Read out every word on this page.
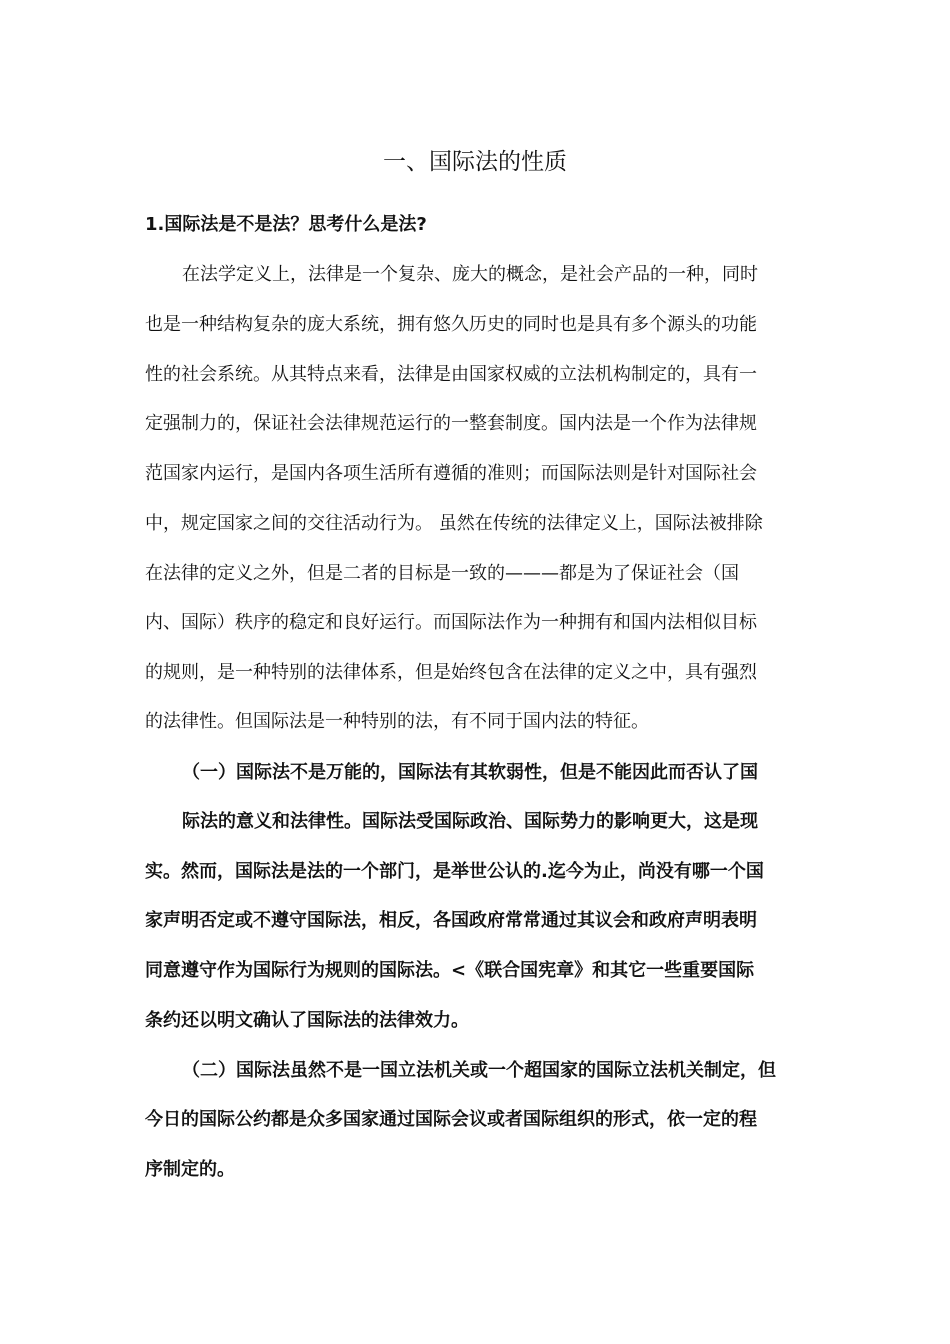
一、国际法的性质

1.国际法是不是法？思考什么是法?

在法学定义上，法律是一个复杂、庞大的概念，是社会产品的一种，同时

也是一种结构复杂的庞大系统，拥有悠久历史的同时也是具有多个源头的功能

性的社会系统。从其特点来看，法律是由国家权威的立法机构制定的，具有一

定强制力的，保证社会法律规范运行的一整套制度。国内法是一个作为法律规

范国家内运行，是国内各项生活所有遵循的准则；而国际法则是针对国际社会

中，规定国家之间的交往活动行为。 虽然在传统的法律定义上，国际法被排除

在法律的定义之外，但是二者的目标是一致的———都是为了保证社会（国

内、国际）秩序的稳定和良好运行。而国际法作为一种拥有和国内法相似目标

的规则，是一种特别的法律体系，但是始终包含在法律的定义之中，具有强烈

的法律性。但国际法是一种特别的法，有不同于国内法的特征。

（一）国际法不是万能的，国际法有其软弱性，但是不能因此而否认了国

际法的意义和法律性。国际法受国际政治、国际势力的影响更大，这是现

实。然而，国际法是法的一个部门，是举世公认的.迄今为止，尚没有哪一个国

家声明否定或不遵守国际法，相反，各国政府常常通过其议会和政府声明表明

同意遵守作为国际行为规则的国际法。<《联合国宪章》和其它一些重要国际

条约还以明文确认了国际法的法律效力。

（二）国际法虽然不是一国立法机关或一个超国家的国际立法机关制定，但

今日的国际公约都是众多国家通过国际会议或者国际组织的形式，依一定的程

序制定的。
